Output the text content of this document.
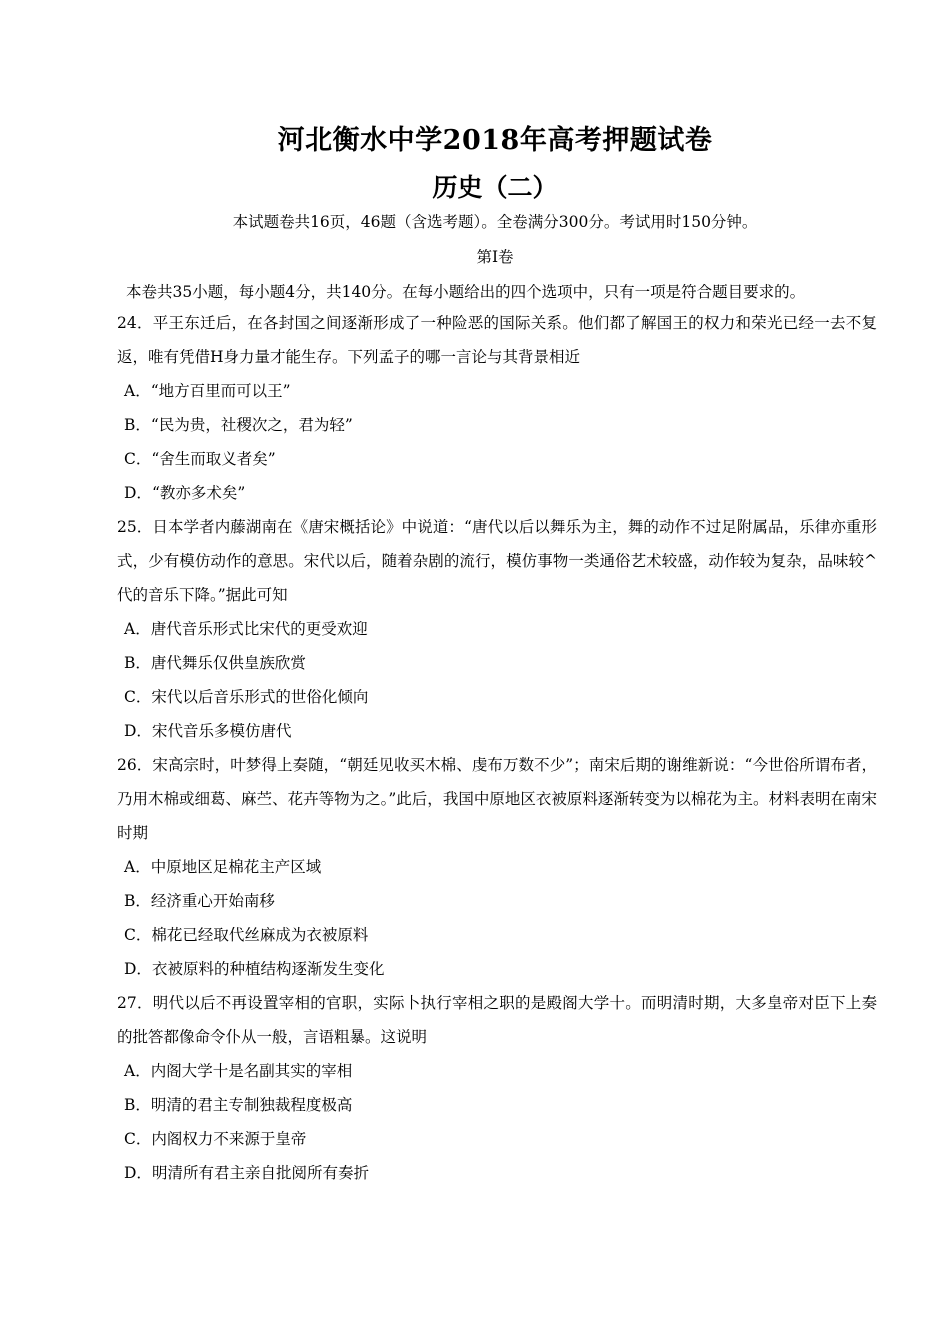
河北衡水中学2018年高考押题试卷
历史（二）
本试题卷共16页，46题（含选考题）。全卷满分300分。考试用时150分钟。
第I卷
本卷共35小题，每小题4分，共140分。在每小题给出的四个选项中，只有一项是符合题目要求的。

24．平王东迁后，在各封国之间逐渐形成了一种险恶的国际关系。他们都了解国王的权力和荣光已经一去不复返，唯有凭借H身力量才能生存。下列孟子的哪一言论与其背景相近

A．“地方百里而可以王”
B．“民为贵，社稷次之，君为轻”
C．“舍生而取义者矣”
D．“教亦多术矣”

25．日本学者内藤湖南在《唐宋概括论》中说道：“唐代以后以舞乐为主，舞的动作不过足附属品，乐律亦重形式，少有模仿动作的意思。宋代以后，随着杂剧的流行，模仿事物一类通俗艺术较盛，动作较为复杂，品味较^代的音乐下降。”据此可知

A．唐代音乐形式比宋代的更受欢迎
B．唐代舞乐仅供皇族欣赏
C．宋代以后音乐形式的世俗化倾向
D．宋代音乐多模仿唐代

26．宋高宗时，叶梦得上奏随，“朝廷见收买木棉、虔布万数不少”；南宋后期的谢维新说：“今世俗所谓布者，乃用木棉或细葛、麻苎、花卉等物为之。”此后，我国中原地区衣被原料逐渐转变为以棉花为主。材料表明在南宋时期

A．中原地区足棉花主产区域
B．经济重心开始南移
C．棉花已经取代丝麻成为衣被原料
D．衣被原料的种植结构逐渐发生变化

27．明代以后不再设置宰相的官职，实际卜执行宰相之职的是殿阁大学十。而明清时期，大多皇帝对臣下上奏的批答都像命令仆从一般，言语粗暴。这说明

A．内阁大学十是名副其实的宰相
B．明清的君主专制独裁程度极高
C．内阁权力不来源于皇帝
D．明清所有君主亲自批阅所有奏折
